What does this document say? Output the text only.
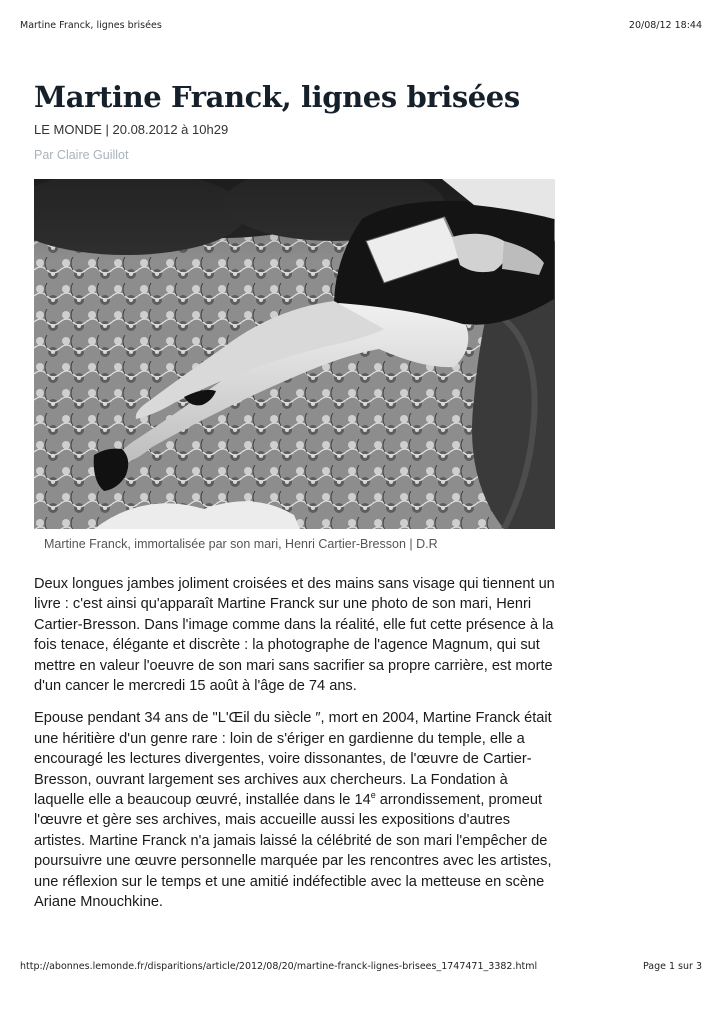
Martine Franck, lignes brisées	20/08/12 18:44
Martine Franck, lignes brisées
LE MONDE | 20.08.2012 à 10h29
Par Claire Guillot
Martine Franck, immortalisée par son mari, Henri Cartier-Bresson | D.R

Deux longues jambes joliment croisées et des mains sans visage qui tiennent un livre : c'est ainsi qu'apparaît Martine Franck sur une photo de son mari, Henri Cartier-Bresson. Dans l'image comme dans la réalité, elle fut cette présence à la fois tenace, élégante et discrète : la photographe de l'agence Magnum, qui sut mettre en valeur l'oeuvre de son mari sans sacrifier sa propre carrière, est morte d'un cancer le mercredi 15 août à l'âge de 74 ans.

Epouse pendant 34 ans de "L'Œil du siècle ″, mort en 2004, Martine Franck était une héritière d'un genre rare : loin de s'ériger en gardienne du temple, elle a encouragé les lectures divergentes, voire dissonantes, de l'œuvre de Cartier-Bresson, ouvrant largement ses archives aux chercheurs. La Fondation à laquelle elle a beaucoup œuvré, installée dans le 14e arrondissement, promeut l'œuvre et gère ses archives, mais accueille aussi les expositions d'autres artistes. Martine Franck n'a jamais laissé la célébrité de son mari l'empêcher de poursuivre une œuvre personnelle marquée par les rencontres avec les artistes, une réflexion sur le temps et une amitié indéfectible avec la metteuse en scène Ariane Mnouchkine.

http://abonnes.lemonde.fr/disparitions/article/2012/08/20/martine-franck-lignes-brisees_1747471_3382.html	Page 1 sur 3
